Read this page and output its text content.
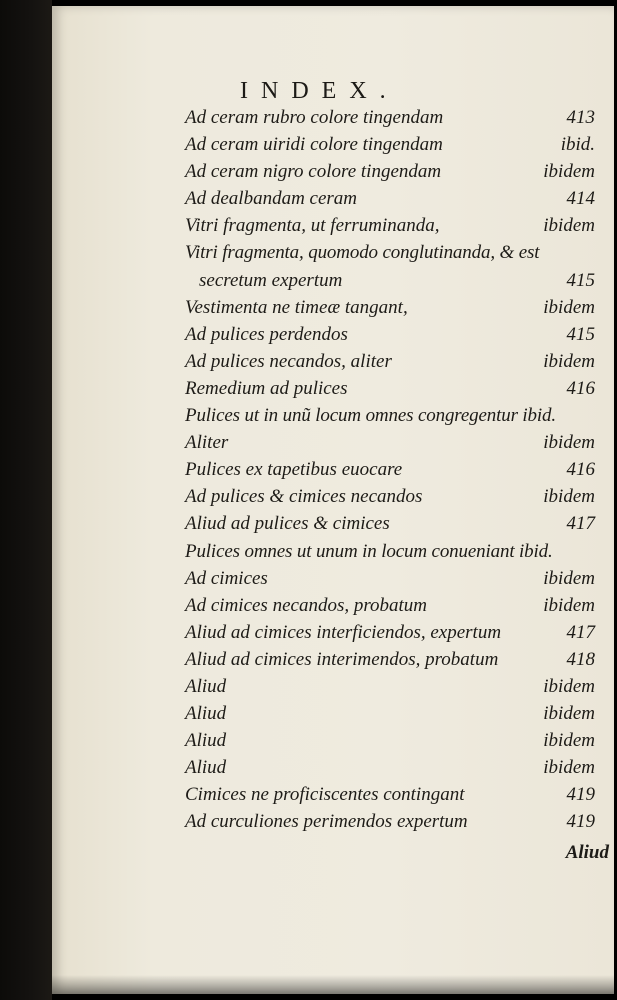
INDEX.
Ad ceram rubro colore tingendam	413
Ad ceram uiridi colore tingendam	ibid.
Ad ceram nigro colore tingendam	ibidem
Ad dealbandam ceram	414
Vitri fragmenta, ut ferruminanda,	ibidem
Vitri fragmenta, quomodo conglutinanda, & est
secretum expertum	415
Vestimenta ne timeæ tangant,	ibidem
Ad pulices perdendos	415
Ad pulices necandos, aliter	ibidem
Remedium ad pulices	416
Pulices ut in unũ locum omnes congregentur ibid.
Aliter	ibidem
Pulices ex tapetibus euocare	416
Ad pulices & cimices necandos	ibidem
Aliud ad pulices & cimices	417
Pulices omnes ut unum in locum conueniant ibid.
Ad cimices	ibidem
Ad cimices necandos, probatum	ibidem
Aliud ad cimices interficiendos, expertum	417
Aliud ad cimices interimendos, probatum	418
Aliud	ibidem
Aliud	ibidem
Aliud	ibidem
Aliud	ibidem
Cimices ne proficiscentes contingant	419
Ad curculiones perimendos expertum	419
Aliud
